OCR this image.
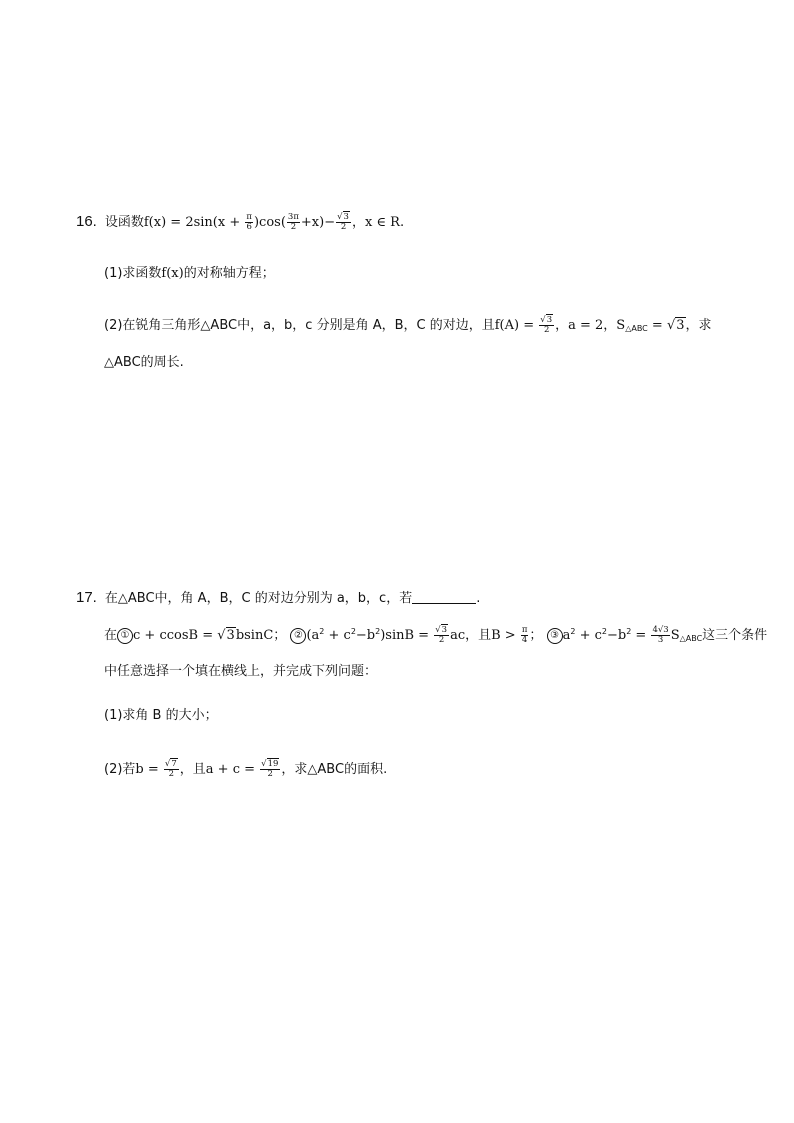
16. 设函数$f(x) = 2\sin(x + \frac{\pi}{6} )\cos( \frac{3\pi}{2} +x)- \frac{√3}{2}$ ，x ∈ R.
(1)求函数f(x)的对称轴方程；
(2)在锐角三角形△ABC中，a，b，c 分别是角 A，B，C 的对边，且$f(A) = \frac{√3}{2}$ ，a = 2，$S_{\triangle ABC} = √3$，求
△ABC的周长.
17. 在△ABC中，角 A，B，C 的对边分别为 a，b，c，若	.
在 ① c + ccosB = √3bsinC； ② $(a^2 + c^2-b^2)\sin B = \frac{√3}{2}$ ac，且$B > \frac{\pi}{4}$ ； ③ $a^2 + c^2-b^2 = \frac{4√3}{3} S_{\triangle ABC}$这三个条件
中任意选择一个填在横线上，并完成下列问题：
(1)求角 B 的大小；
(2)若$b = \frac{√7}{2}$ ，且$a + c = \frac{√19}{2}$ ，求△ABC的面积.
